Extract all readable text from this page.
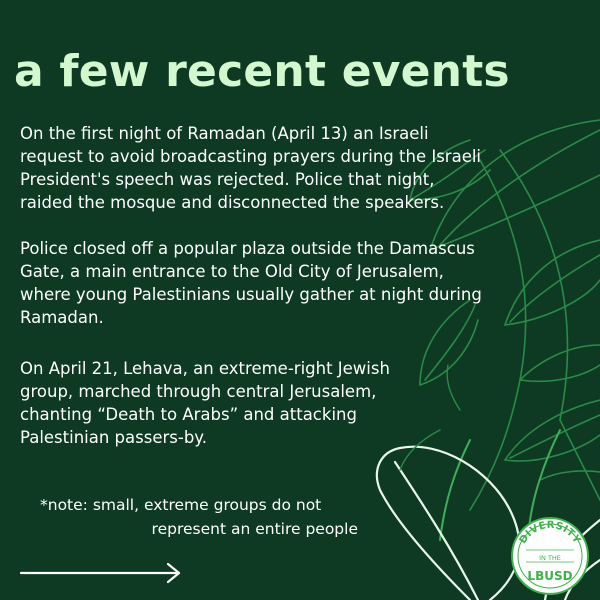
a few recent events

On the first night of Ramadan (April 13) an Israeli
request to avoid broadcasting prayers during the Israeli
President's speech was rejected. Police that night,
raided the mosque and disconnected the speakers.

Police closed off a popular plaza outside the Damascus
Gate, a main entrance to the Old City of Jerusalem,
where young Palestinians usually gather at night during
Ramadan.

On April 21, Lehava, an extreme-right Jewish
group, marched through central Jerusalem,
chanting “Death to Arabs” and attacking
Palestinian passers-by.

*note: small, extreme groups do not
represent an entire people

DIVERSITY
IN THE
LBUSD
